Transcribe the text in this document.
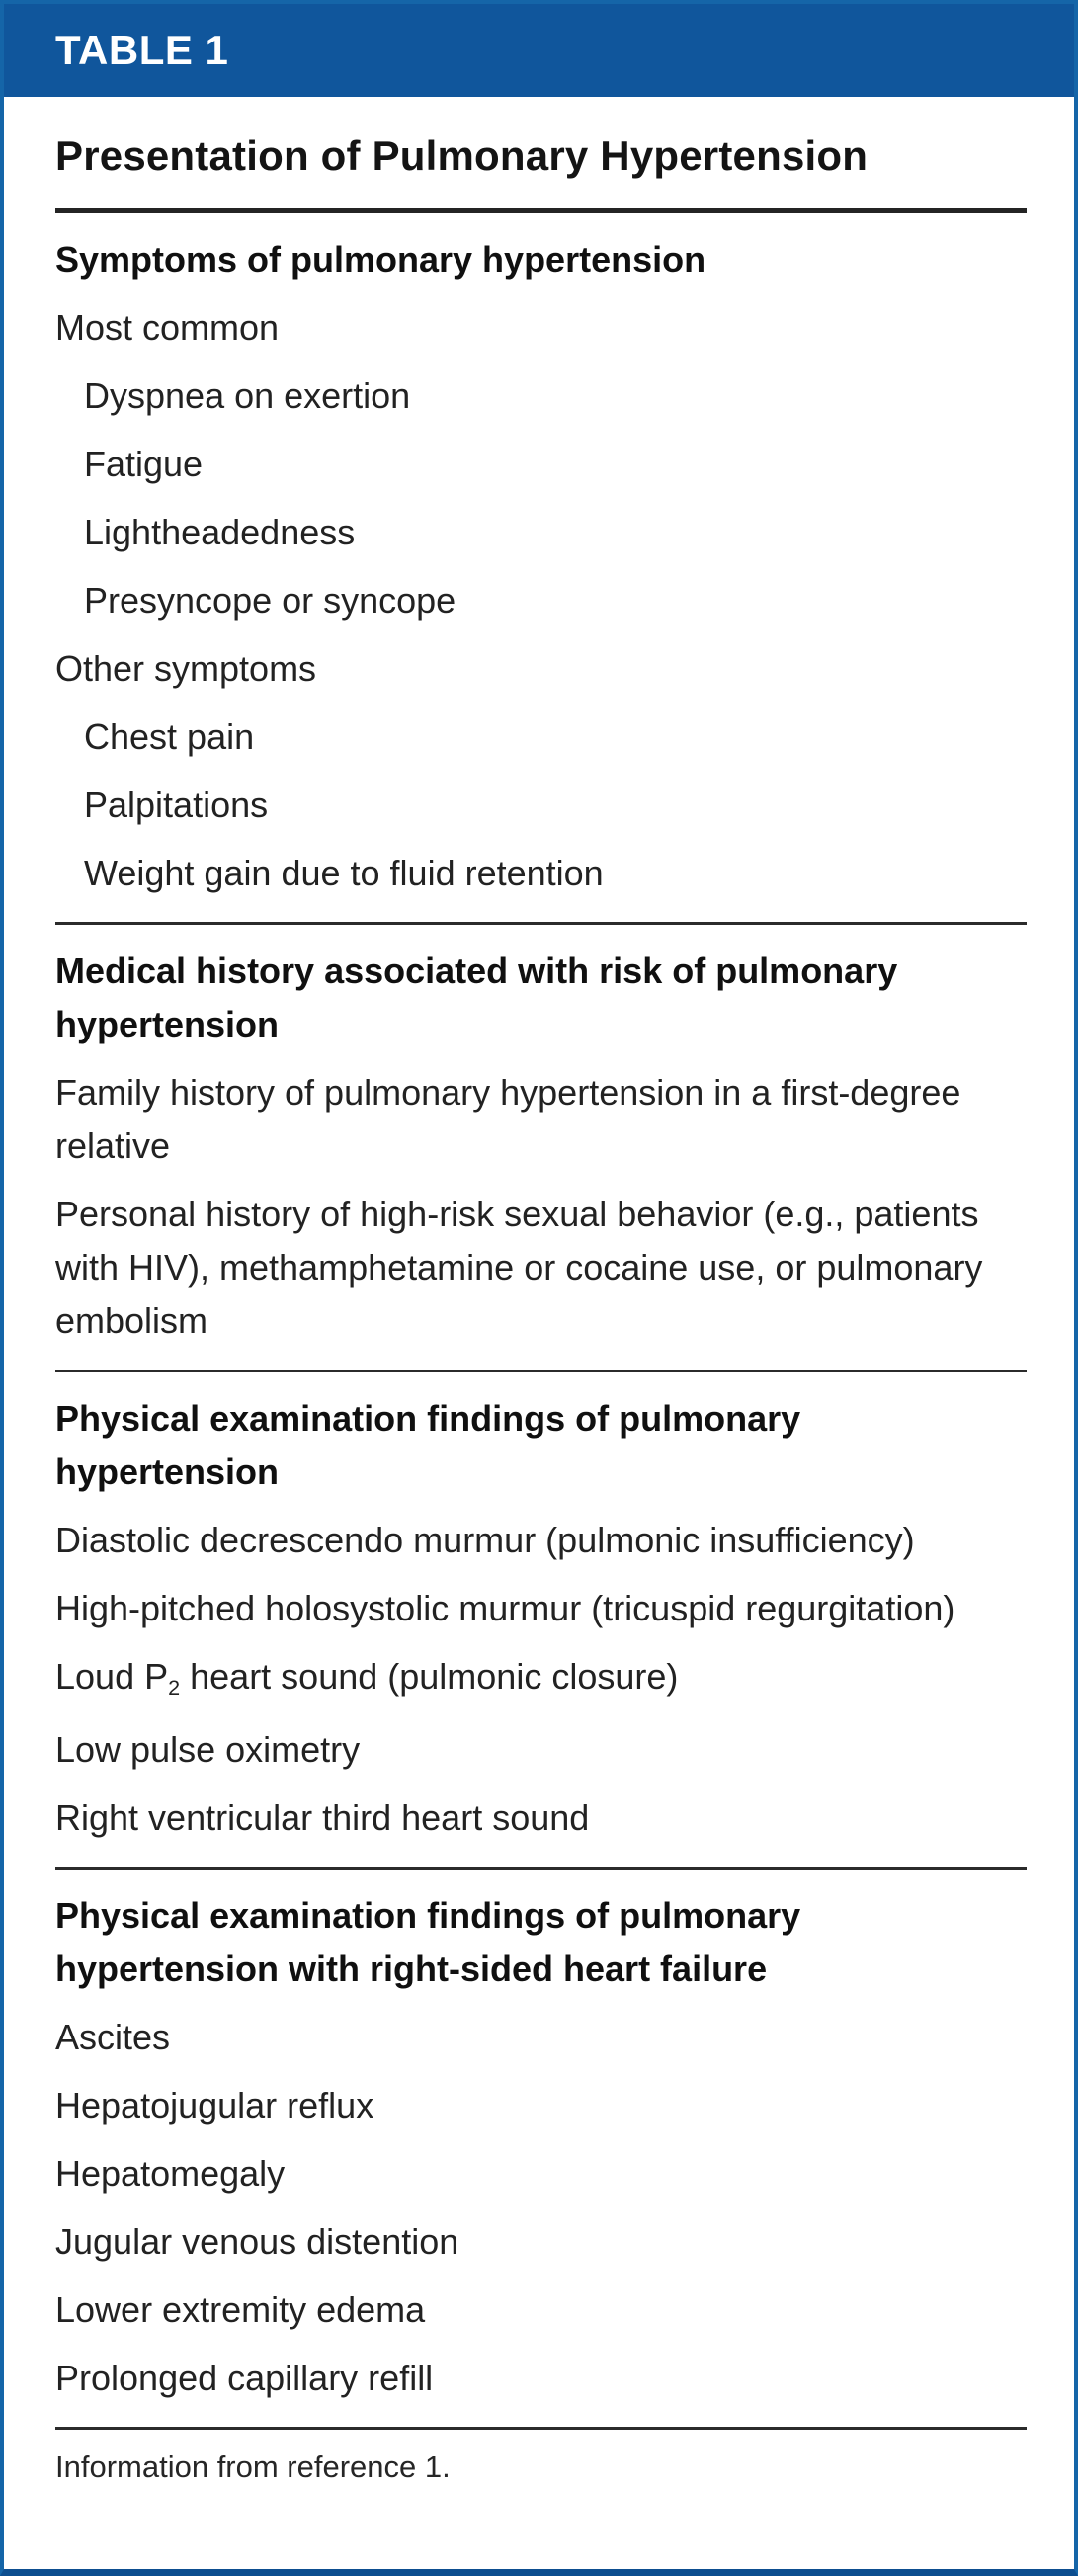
TABLE 1
Presentation of Pulmonary Hypertension
Symptoms of pulmonary hypertension
Most common
Dyspnea on exertion
Fatigue
Lightheadedness
Presyncope or syncope
Other symptoms
Chest pain
Palpitations
Weight gain due to fluid retention
Medical history associated with risk of pulmonary hypertension
Family history of pulmonary hypertension in a first-degree relative
Personal history of high-risk sexual behavior (e.g., patients with HIV), methamphetamine or cocaine use, or pulmonary embolism
Physical examination findings of pulmonary hypertension
Diastolic decrescendo murmur (pulmonic insufficiency)
High-pitched holosystolic murmur (tricuspid regurgitation)
Loud P2 heart sound (pulmonic closure)
Low pulse oximetry
Right ventricular third heart sound
Physical examination findings of pulmonary hypertension with right-sided heart failure
Ascites
Hepatojugular reflux
Hepatomegaly
Jugular venous distention
Lower extremity edema
Prolonged capillary refill
Information from reference 1.
